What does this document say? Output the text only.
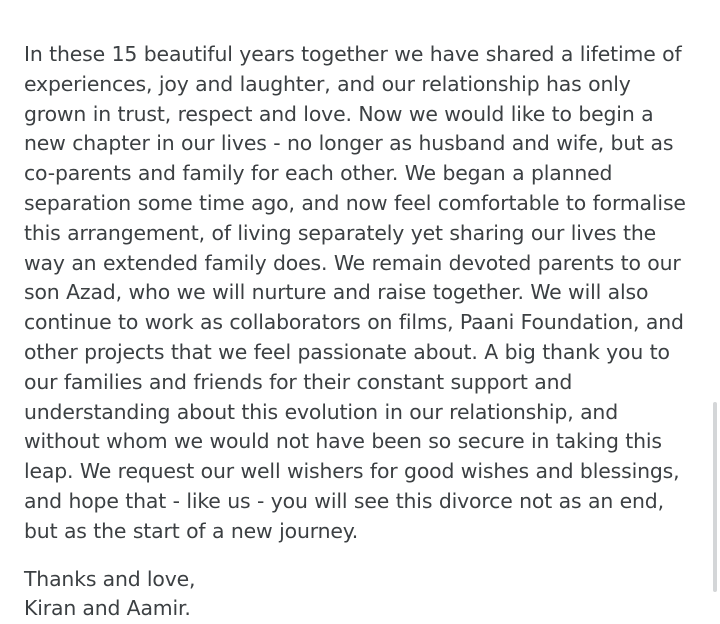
In these 15 beautiful years together we have shared a lifetime of experiences, joy and laughter, and our relationship has only grown in trust, respect and love. Now we would like to begin a new chapter in our lives - no longer as husband and wife, but as co-parents and family for each other. We began a planned separation some time ago, and now feel comfortable to formalise this arrangement, of living separately yet sharing our lives the way an extended family does. We remain devoted parents to our son Azad, who we will nurture and raise together. We will also continue to work as collaborators on films, Paani Foundation, and other projects that we feel passionate about. A big thank you to our families and friends for their constant support and understanding about this evolution in our relationship, and without whom we would not have been so secure in taking this leap. We request our well wishers for good wishes and blessings, and hope that - like us - you will see this divorce not as an end, but as the start of a new journey.

Thanks and love,

Kiran and Aamir.
